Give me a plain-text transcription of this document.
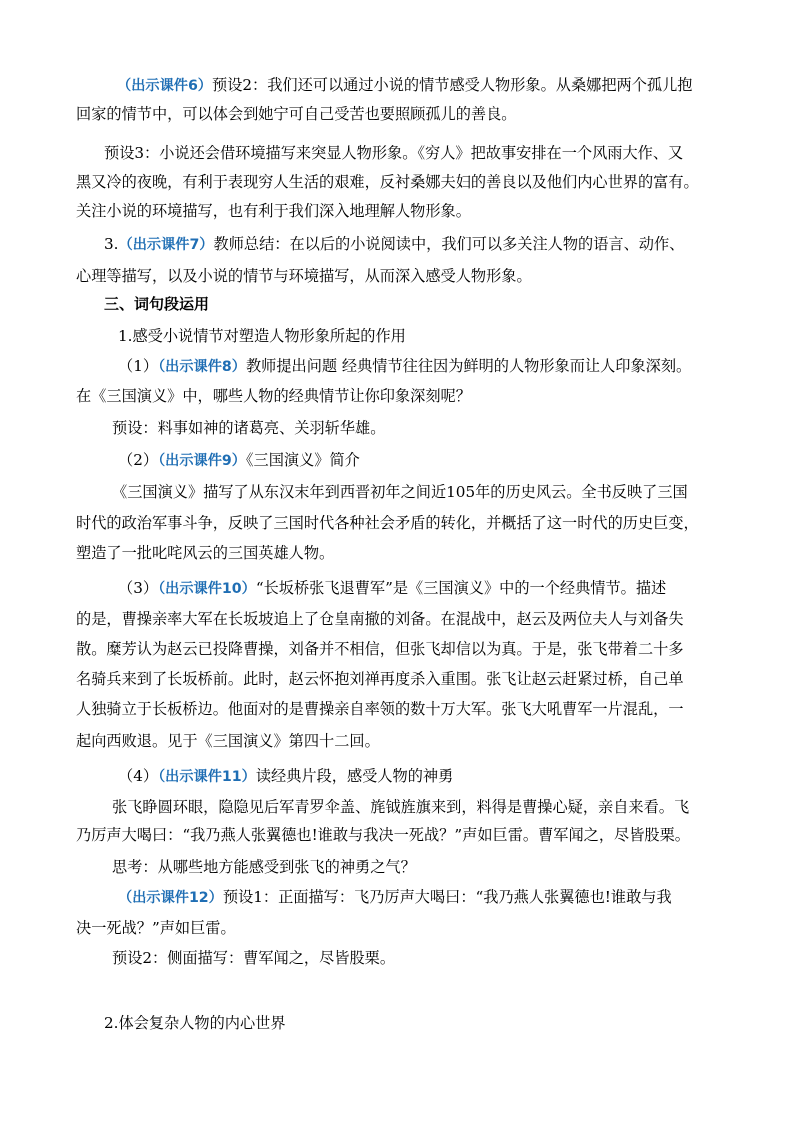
（出示课件6）预设2：我们还可以通过小说的情节感受人物形象。从桑娜把两个孤儿抱
回家的情节中，可以体会到她宁可自己受苦也要照顾孤儿的善良。
预设3：小说还会借环境描写来突显人物形象。《穷人》把故事安排在一个风雨大作、又
黑又冷的夜晚，有利于表现穷人生活的艰难，反衬桑娜夫妇的善良以及他们内心世界的富有。
关注小说的环境描写，也有利于我们深入地理解人物形象。
3.（出示课件7）教师总结：在以后的小说阅读中，我们可以多关注人物的语言、动作、
心理等描写，以及小说的情节与环境描写，从而深入感受人物形象。
三、词句段运用
1.感受小说情节对塑造人物形象所起的作用
（1）（出示课件8）教师提出问题 经典情节往往因为鲜明的人物形象而让人印象深刻。
在《三国演义》中，哪些人物的经典情节让你印象深刻呢？
预设：料事如神的诸葛亮、关羽斩华雄。
（2）（出示课件9）《三国演义》简介
《三国演义》描写了从东汉末年到西晋初年之间近105年的历史风云。全书反映了三国
时代的政治军事斗争，反映了三国时代各种社会矛盾的转化，并概括了这一时代的历史巨变，
塑造了一批叱咤风云的三国英雄人物。
（3）（出示课件10）“长坂桥张飞退曹军”是《三国演义》中的一个经典情节。描述
的是，曹操亲率大军在长坂坡追上了仓皇南撤的刘备。在混战中，赵云及两位夫人与刘备失
散。糜芳认为赵云已投降曹操，刘备并不相信，但张飞却信以为真。于是，张飞带着二十多
名骑兵来到了长坂桥前。此时，赵云怀抱刘禅再度杀入重围。张飞让赵云赶紧过桥，自己单
人独骑立于长板桥边。他面对的是曹操亲自率领的数十万大军。张飞大吼曹军一片混乱，一
起向西败退。见于《三国演义》第四十二回。
（4）（出示课件11）读经典片段，感受人物的神勇
张飞睁圆环眼，隐隐见后军青罗伞盖、旄钺旌旗来到，料得是曹操心疑，亲自来看。飞
乃厉声大喝曰：“我乃燕人张翼德也!谁敢与我决一死战？”声如巨雷。曹军闻之，尽皆股栗。
思考：从哪些地方能感受到张飞的神勇之气？
（出示课件12）预设1：正面描写：飞乃厉声大喝曰：“我乃燕人张翼德也!谁敢与我
决一死战？”声如巨雷。
预设2：侧面描写：曹军闻之，尽皆股栗。
2.体会复杂人物的内心世界
